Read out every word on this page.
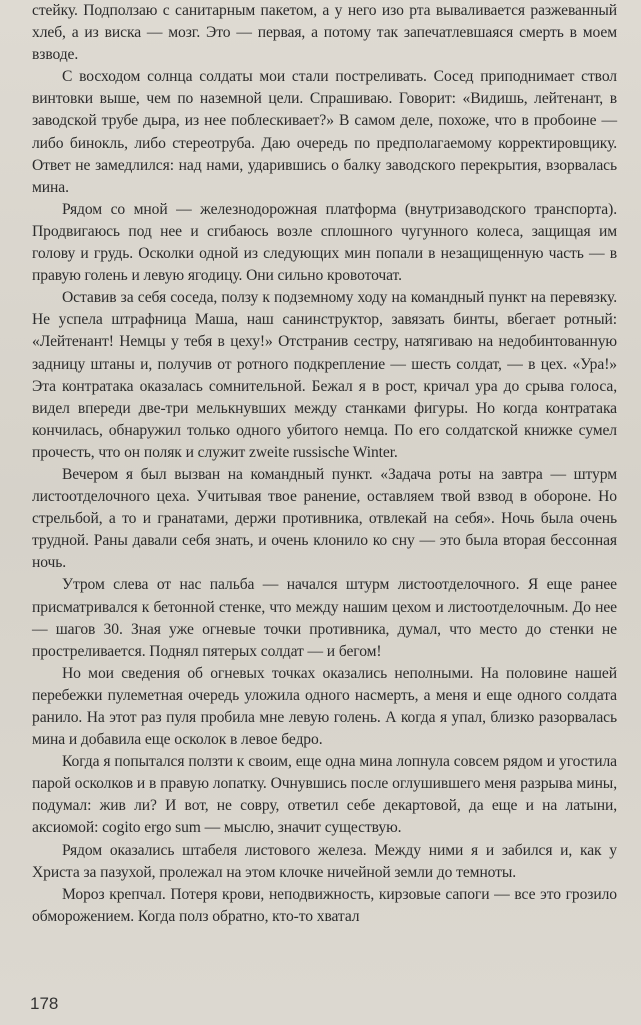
стейку. Подползаю с санитарным пакетом, а у него изо рта вываливается разжеванный хлеб, а из виска — мозг. Это — первая, а потому так запечатлевшаяся смерть в моем взводе.

С восходом солнца солдаты мои стали постреливать. Сосед приподнимает ствол винтовки выше, чем по наземной цели. Спрашиваю. Говорит: «Видишь, лейтенант, в заводской трубе дыра, из нее поблескивает?» В самом деле, похоже, что в пробоине — либо бинокль, либо стереотруба. Даю очередь по предполагаемому корректировщику. Ответ не замедлился: над нами, ударившись о балку заводского перекрытия, взорвалась мина.

Рядом со мной — железнодорожная платформа (внутризаводского транспорта). Продвигаюсь под нее и сгибаюсь возле сплошного чугунного колеса, защищая им голову и грудь. Осколки одной из следующих мин попали в незащищенную часть — в правую голень и левую ягодицу. Они сильно кровоточат.

Оставив за себя соседа, ползу к подземному ходу на командный пункт на перевязку. Не успела штрафница Маша, наш санинструктор, завязать бинты, вбегает ротный: «Лейтенант! Немцы у тебя в цеху!» Отстранив сестру, натягиваю на недобинтованную задницу штаны и, получив от ротного подкрепление — шесть солдат, — в цех. «Ура!» Эта контратака оказалась сомнительной. Бежал я в рост, кричал ура до срыва голоса, видел впереди две-три мелькнувших между станками фигуры. Но когда контратака кончилась, обнаружил только одного убитого немца. По его солдатской книжке сумел прочесть, что он поляк и служит zweite russische Winter.

Вечером я был вызван на командный пункт. «Задача роты на завтра — штурм листоотделочного цеха. Учитывая твое ранение, оставляем твой взвод в обороне. Но стрельбой, а то и гранатами, держи противника, отвлекай на себя». Ночь была очень трудной. Раны давали себя знать, и очень клонило ко сну — это была вторая бессонная ночь.

Утром слева от нас пальба — начался штурм листоотделочного. Я еще ранее присматривался к бетонной стенке, что между нашим цехом и листоотделочным. До нее — шагов 30. Зная уже огневые точки противника, думал, что место до стенки не простреливается. Поднял пятерых солдат — и бегом!

Но мои сведения об огневых точках оказались неполными. На половине нашей перебежки пулеметная очередь уложила одного насмерть, а меня и еще одного солдата ранило. На этот раз пуля пробила мне левую голень. А когда я упал, близко разорвалась мина и добавила еще осколок в левое бедро.

Когда я попытался ползти к своим, еще одна мина лопнула совсем рядом и угостила парой осколков и в правую лопатку. Очнувшись после оглушившего меня разрыва мины, подумал: жив ли? И вот, не совру, ответил себе декартовой, да еще и на латыни, аксиомой: cogito ergo sum — мыслю, значит существую.

Рядом оказались штабеля листового железа. Между ними я и забился и, как у Христа за пазухой, пролежал на этом клочке ничейной земли до темноты.

Мороз крепчал. Потеря крови, неподвижность, кирзовые сапоги — все это грозило обморожением. Когда полз обратно, кто-то хватал

178
